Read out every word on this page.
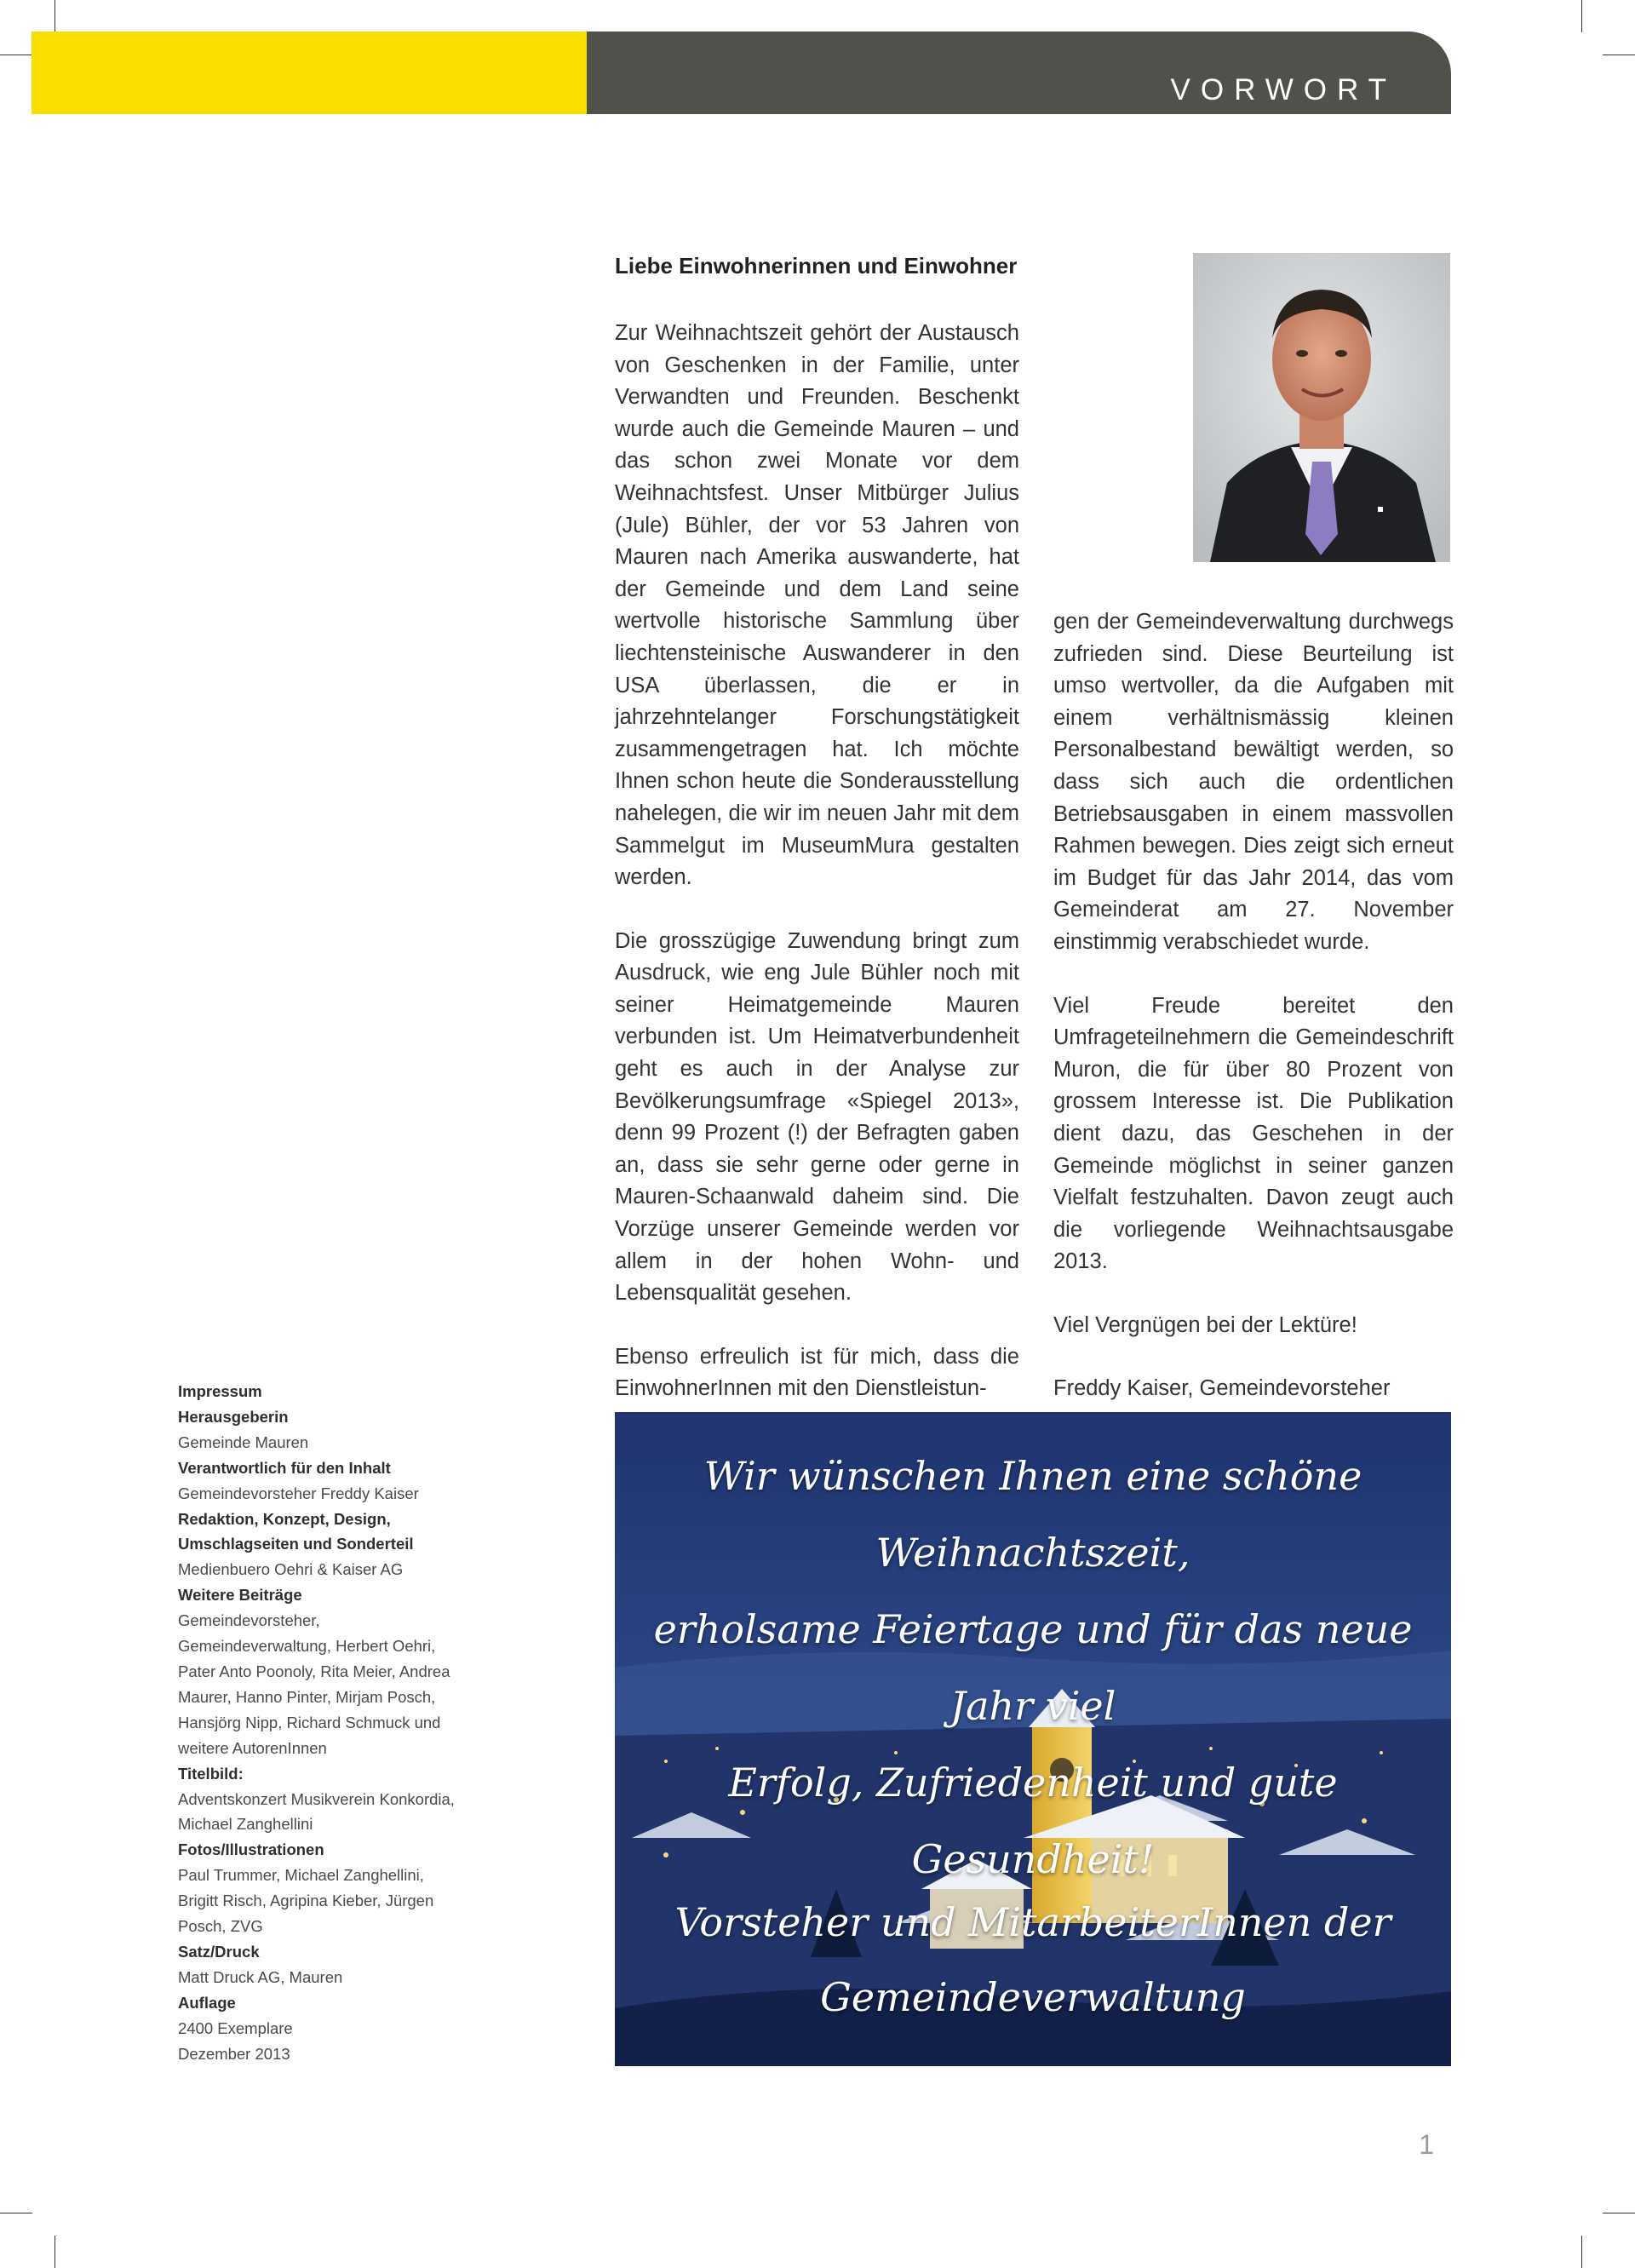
VORWORT
Liebe Einwohnerinnen und Einwohner

Zur Weihnachtszeit gehört der Austausch von Geschenken in der Familie, unter Verwandten und Freunden. Beschenkt wurde auch die Gemeinde Mauren – und das schon zwei Monate vor dem Weihnachtsfest. Unser Mitbürger Julius (Jule) Bühler, der vor 53 Jahren von Mauren nach Amerika auswanderte, hat der Gemeinde und dem Land seine wertvolle historische Sammlung über liechtensteinische Auswanderer in den USA überlassen, die er in jahrzehntelanger Forschungstätigkeit zusammengetragen hat. Ich möchte Ihnen schon heute die Sonderausstellung nahelegen, die wir im neuen Jahr mit dem Sammelgut im MuseumMura gestalten werden.

Die grosszügige Zuwendung bringt zum Ausdruck, wie eng Jule Bühler noch mit seiner Heimatgemeinde Mauren verbunden ist. Um Heimatverbundenheit geht es auch in der Analyse zur Bevölkerungsumfrage «Spiegel 2013», denn 99 Prozent (!) der Befragten gaben an, dass sie sehr gerne oder gerne in Mauren-Schaanwald daheim sind. Die Vorzüge unserer Gemeinde werden vor allem in der hohen Wohn- und Lebensqualität gesehen.

Ebenso erfreulich ist für mich, dass die EinwohnerInnen mit den Dienstleistun-

gen der Gemeindeverwaltung durchwegs zufrieden sind. Diese Beurteilung ist umso wertvoller, da die Aufgaben mit einem verhältnismässig kleinen Personalbestand bewältigt werden, so dass sich auch die ordentlichen Betriebsausgaben in einem massvollen Rahmen bewegen. Dies zeigt sich erneut im Budget für das Jahr 2014, das vom Gemeinderat am 27. November einstimmig verabschiedet wurde.

Viel Freude bereitet den Umfrageteilnehmern die Gemeindeschrift Muron, die für über 80 Prozent von grossem Interesse ist. Die Publikation dient dazu, das Geschehen in der Gemeinde möglichst in seiner ganzen Vielfalt festzuhalten. Davon zeugt auch die vorliegende Weihnachtsausgabe 2013.

Viel Vergnügen bei der Lektüre!

Freddy Kaiser, Gemeindevorsteher

Impressum
Herausgeberin
Gemeinde Mauren
Verantwortlich für den Inhalt
Gemeindevorsteher Freddy Kaiser
Redaktion, Konzept, Design, Umschlagseiten und Sonderteil
Medienbuero Oehri & Kaiser AG
Weitere Beiträge
Gemeindevorsteher, Gemeindeverwaltung, Herbert Oehri, Pater Anto Poonoly, Rita Meier, Andrea Maurer, Hanno Pinter, Mirjam Posch, Hansjörg Nipp, Richard Schmuck und weitere AutorenInnen
Titelbild:
Adventskonzert Musikverein Konkordia, Michael Zanghellini
Fotos/Illustrationen
Paul Trummer, Michael Zanghellini, Brigitt Risch, Agripina Kieber, Jürgen Posch, ZVG
Satz/Druck
Matt Druck AG, Mauren
Auflage
2400 Exemplare
Dezember 2013
Wir wünschen Ihnen eine schöne Weihnachtszeit,
erholsame Feiertage und für das neue Jahr viel
Erfolg, Zufriedenheit und gute Gesundheit!
Vorsteher und MitarbeiterInnen der
Gemeindeverwaltung
1
